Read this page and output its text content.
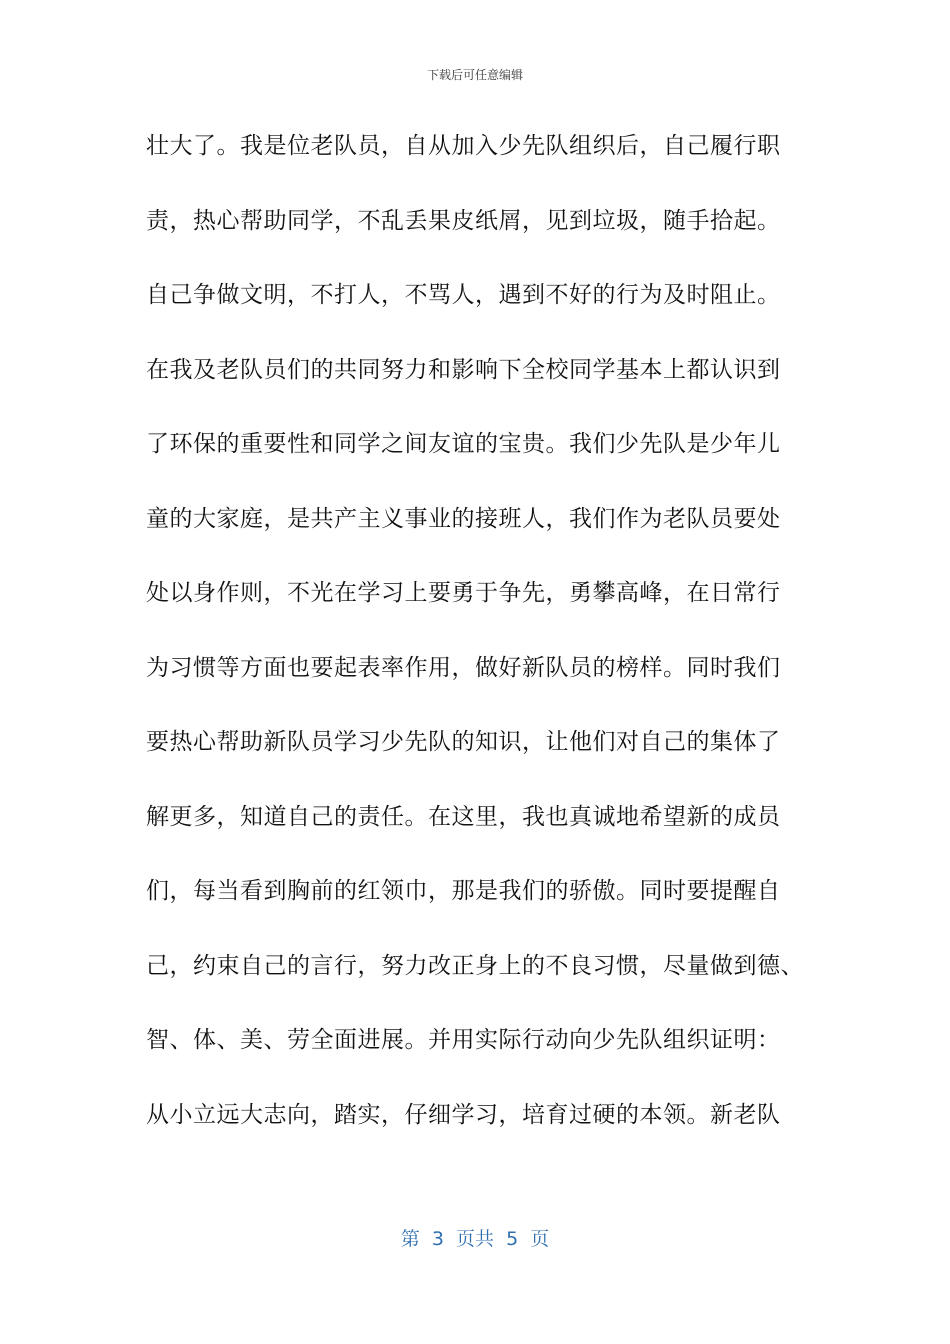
下载后可任意编辑
壮大了。我是位老队员，自从加入少先队组织后，自己履行职
责，热心帮助同学，不乱丢果皮纸屑，见到垃圾，随手拾起。
自己争做文明，不打人，不骂人，遇到不好的行为及时阻止。
在我及老队员们的共同努力和影响下全校同学基本上都认识到
了环保的重要性和同学之间友谊的宝贵。我们少先队是少年儿
童的大家庭，是共产主义事业的接班人，我们作为老队员要处
处以身作则，不光在学习上要勇于争先，勇攀高峰，在日常行
为习惯等方面也要起表率作用，做好新队员的榜样。同时我们
要热心帮助新队员学习少先队的知识，让他们对自己的集体了
解更多，知道自己的责任。在这里，我也真诚地希望新的成员
们，每当看到胸前的红领巾，那是我们的骄傲。同时要提醒自
己，约束自己的言行，努力改正身上的不良习惯，尽量做到德、
智、体、美、劳全面进展。并用实际行动向少先队组织证明：
从小立远大志向，踏实，仔细学习，培育过硬的本领。新老队
第  3  页共  5  页
